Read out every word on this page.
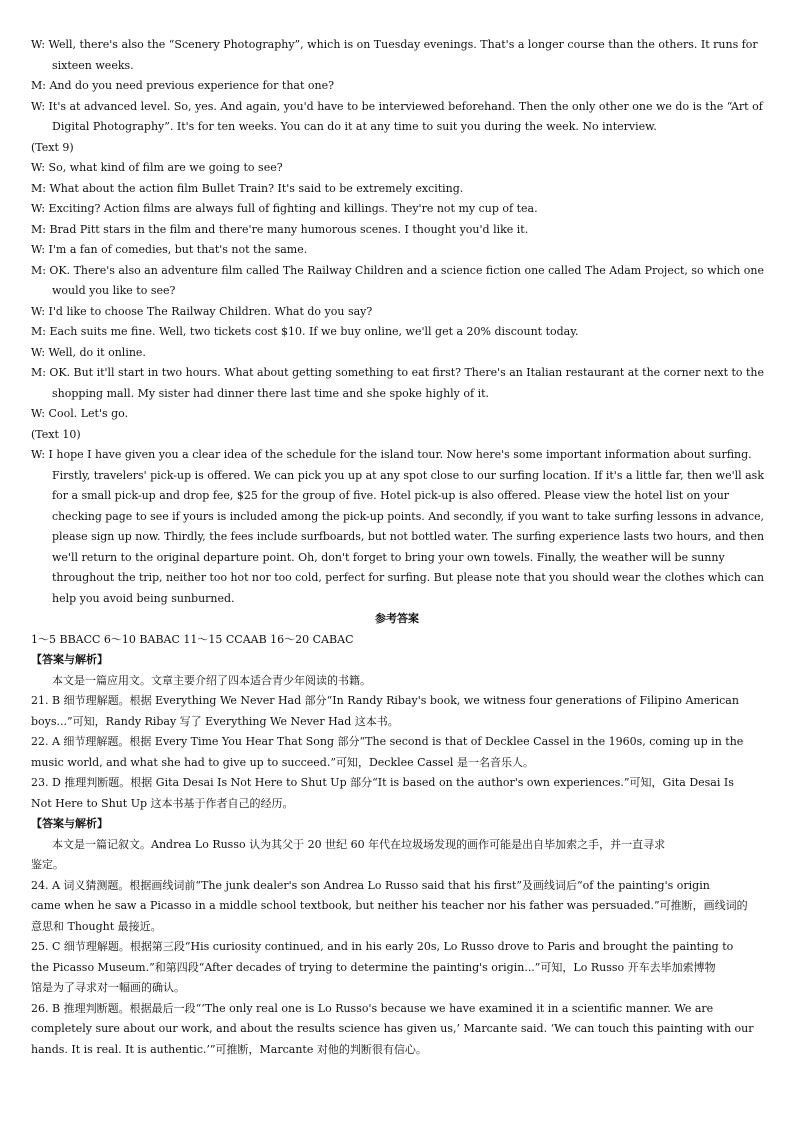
W: Well, there's also the “Scenery Photography”, which is on Tuesday evenings. That's a longer course than the others. It runs for
sixteen weeks.
M: And do you need previous experience for that one?
W: It's at advanced level. So, yes. And again, you'd have to be interviewed beforehand. Then the only other one we do is the “Art of
Digital Photography”. It's for ten weeks. You can do it at any time to suit you during the week. No interview.
(Text 9)
W: So, what kind of film are we going to see?
M: What about the action film Bullet Train? It's said to be extremely exciting.
W: Exciting? Action films are always full of fighting and killings. They're not my cup of tea.
M: Brad Pitt stars in the film and there're many humorous scenes. I thought you'd like it.
W: I'm a fan of comedies, but that's not the same.
M: OK. There's also an adventure film called The Railway Children and a science fiction one called The Adam Project, so which one
would you like to see?
W: I'd like to choose The Railway Children. What do you say?
M: Each suits me fine. Well, two tickets cost $10. If we buy online, we'll get a 20% discount today.
W: Well, do it online.
M: OK. But it'll start in two hours. What about getting something to eat first? There's an Italian restaurant at the corner next to the
shopping mall. My sister had dinner there last time and she spoke highly of it.
W: Cool. Let's go.
(Text 10)
W: I hope I have given you a clear idea of the schedule for the island tour. Now here's some important information about surfing.
Firstly, travelers' pick-up is offered. We can pick you up at any spot close to our surfing location. If it's a little far, then we'll ask
for a small pick-up and drop fee, $25 for the group of five. Hotel pick-up is also offered. Please view the hotel list on your
checking page to see if yours is included among the pick-up points. And secondly, if you want to take surfing lessons in advance,
please sign up now. Thirdly, the fees include surfboards, but not bottled water. The surfing experience lasts two hours, and then
we'll return to the original departure point. Oh, don't forget to bring your own towels. Finally, the weather will be sunny
throughout the trip, neither too hot nor too cold, perfect for surfing. But please note that you should wear the clothes which can
help you avoid being sunburned.
参考答案
1～5 BBACC 6～10 BABAC 11～15 CCAAB 16～20 CABAC
【答案与解析】
本文是一篇应用文。文章主要介绍了四本适合青少年阅读的书籍。
21. B 细节理解题。根据 Everything We Never Had 部分“In Randy Ribay's book, we witness four generations of Filipino American
boys...”可知，Randy Ribay 写了 Everything We Never Had 这本书。
22. A 细节理解题。根据 Every Time You Hear That Song 部分“The second is that of Decklee Cassel in the 1960s, coming up in the
music world, and what she had to give up to succeed.”可知，Decklee Cassel 是一名音乐人。
23. D 推理判断题。根据 Gita Desai Is Not Here to Shut Up 部分“It is based on the author's own experiences.”可知，Gita Desai Is
Not Here to Shut Up 这本书基于作者自己的经历。
【答案与解析】
本文是一篇记叙文。Andrea Lo Russo 认为其父于 20 世纪 60 年代在垃圾场发现的画作可能是出自毕加索之手，并一直寻求
鉴定。
24. A 词义猜测题。根据画线词前“The junk dealer's son Andrea Lo Russo said that his first”及画线词后“of the painting's origin
came when he saw a Picasso in a middle school textbook, but neither his teacher nor his father was persuaded.”可推断，画线词的
意思和 Thought 最接近。
25. C 细节理解题。根据第三段“His curiosity continued, and in his early 20s, Lo Russo drove to Paris and brought the painting to
the Picasso Museum.”和第四段“After decades of trying to determine the painting's origin...”可知，Lo Russo 开车去毕加索博物
馆是为了寻求对一幅画的确认。
26. B 推理判断题。根据最后一段“‘The only real one is Lo Russo's because we have examined it in a scientific manner. We are
completely sure about our work, and about the results science has given us,’ Marcante said. ‘We can touch this painting with our
hands. It is real. It is authentic.’”可推断，Marcante 对他的判断很有信心。
